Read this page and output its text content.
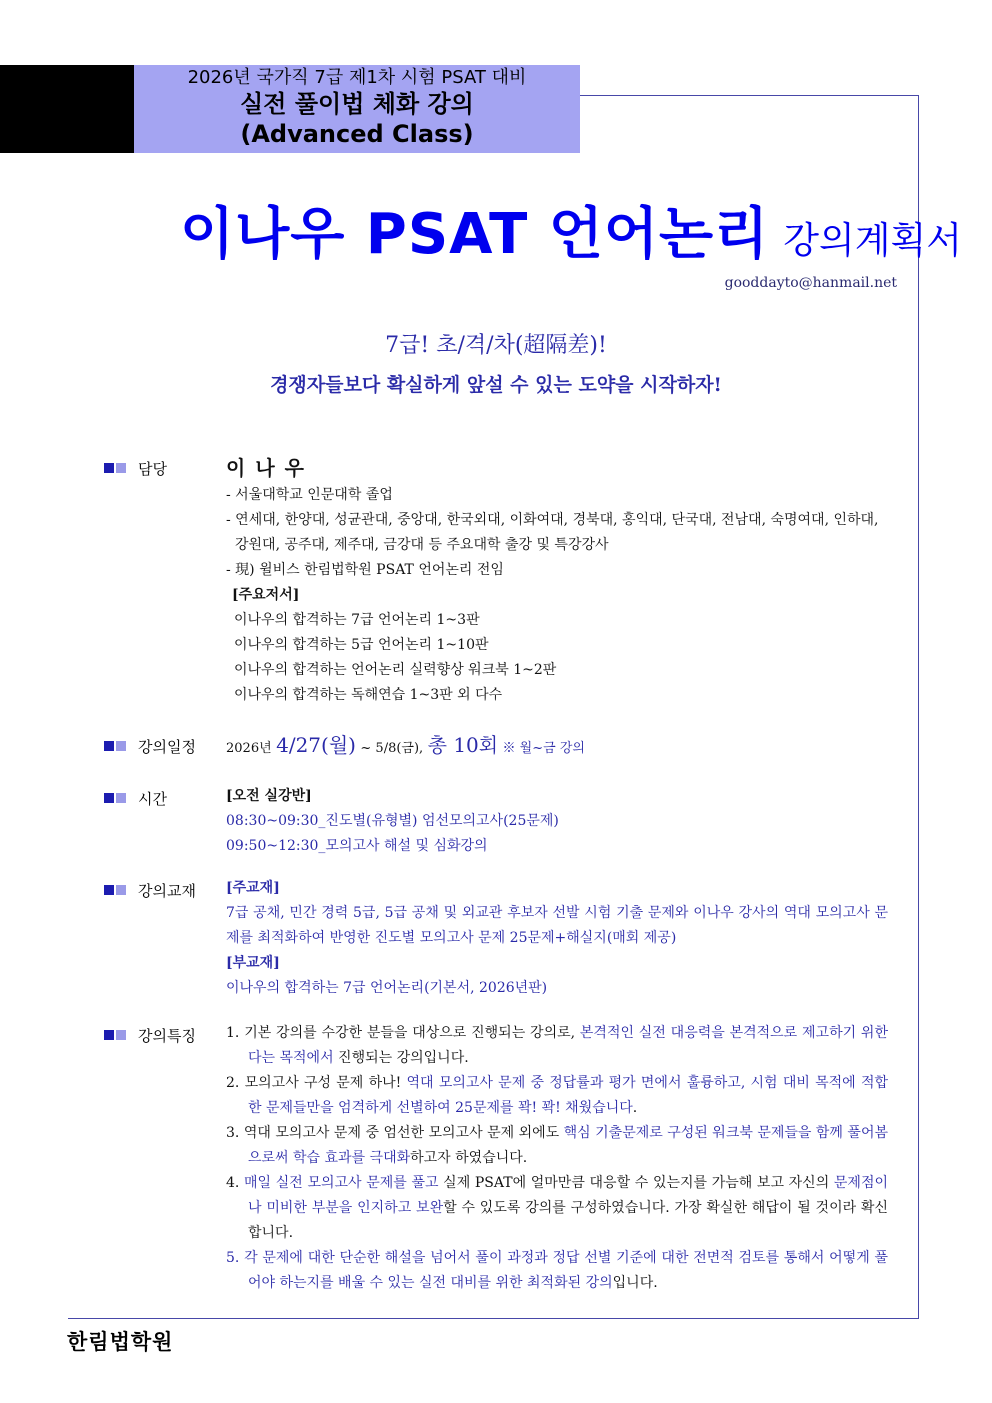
2026년 국가직 7급 제1차 시험 PSAT 대비
실전 풀이법 체화 강의
(Advanced Class)
이나우 PSAT 언어논리 강의계획서
gooddayto@hanmail.net
7급! 초/격/차(超隔差)!
경쟁자들보다 확실하게 앞설 수 있는 도약을 시작하자!
담당	이나우
- 서울대학교 인문대학 졸업
- 연세대, 한양대, 성균관대, 중앙대, 한국외대, 이화여대, 경북대, 홍익대, 단국대, 전남대, 숙명여대, 인하대, 강원대, 공주대, 제주대, 금강대 등 주요대학 출강 및 특강강사
- 現) 윌비스 한림법학원 PSAT 언어논리 전임
[주요저서]
이나우의 합격하는 7급 언어논리 1~3판
이나우의 합격하는 5급 언어논리 1~10판
이나우의 합격하는 언어논리 실력향상 워크북 1~2판
이나우의 합격하는 독해연습 1~3판 외 다수
강의일정 2026년 4/27(월) ~ 5/8(금), 총 10회 ※ 월~금 강의
시간	[오전 실강반]
08:30~09:30_진도별(유형별) 엄선모의고사(25문제)
09:50~12:30_모의고사 해설 및 심화강의
강의교재 [주교재]
7급 공채, 민간 경력 5급, 5급 공채 및 외교관 후보자 선발 시험 기출 문제와 이나우 강사의 역대 모의고사 문제를 최적화하여 반영한 진도별 모의고사 문제 25문제+해실지(매회 제공)
[부교재]
이나우의 합격하는 7급 언어논리(기본서, 2026년판)
강의특징 1. 기본 강의를 수강한 분들을 대상으로 진행되는 강의로, 본격적인 실전 대응력을 본격적으로 제고하기 위한다는 목적에서 진행되는 강의입니다.
2. 모의고사 구성 문제 하나! 역대 모의고사 문제 중 정답률과 평가 면에서 훌륭하고, 시험 대비 목적에 적합한 문제들만을 엄격하게 선별하여 25문제를 꽉! 꽉! 채웠습니다.
3. 역대 모의고사 문제 중 엄선한 모의고사 문제 외에도 핵심 기출문제로 구성된 워크북 문제들을 함께 풀어봄으로써 학습 효과를 극대화하고자 하였습니다.
4. 매일 실전 모의고사 문제를 풀고 실제 PSAT에 얼마만큼 대응할 수 있는지를 가늠해 보고 자신의 문제점이나 미비한 부분을 인지하고 보완할 수 있도록 강의를 구성하였습니다. 가장 확실한 해답이 될 것이라 확신합니다.
5. 각 문제에 대한 단순한 해설을 넘어서 풀이 과정과 정답 선별 기준에 대한 전면적 검토를 통해서 어떻게 풀어야 하는지를 배울 수 있는 실전 대비를 위한 최적화된 강의입니다.
한림법학원
